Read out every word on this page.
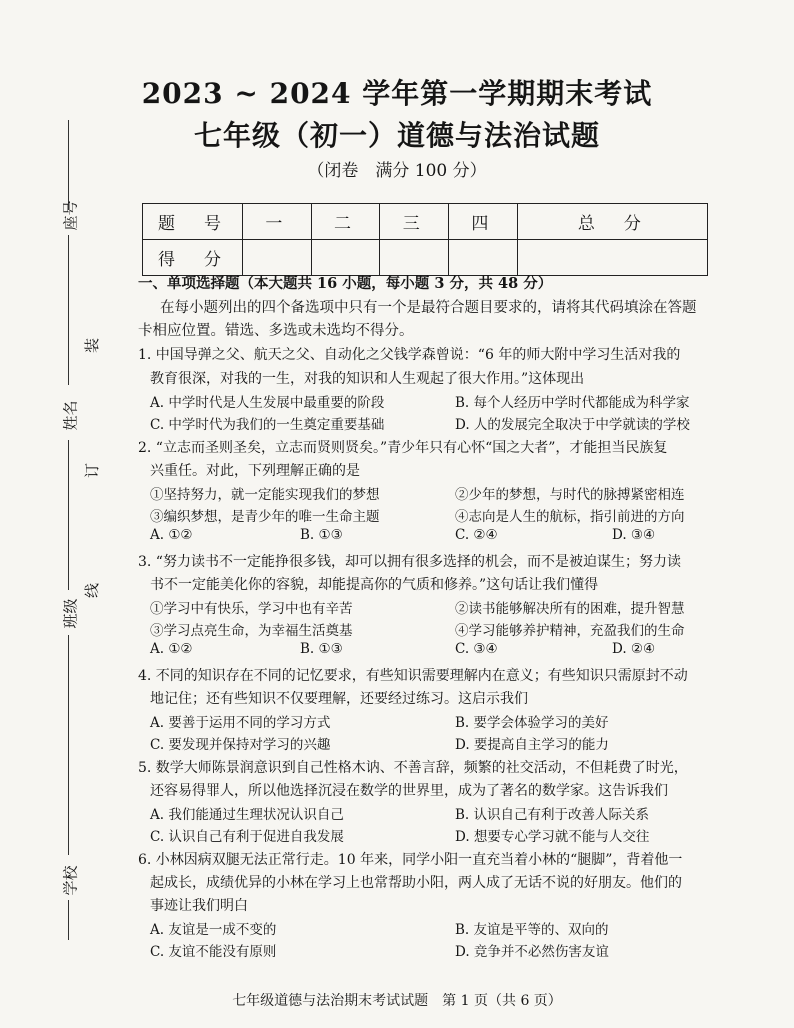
2023 ~ 2024 学年第一学期期末考试
七年级（初一）道德与法治试题
（闭卷　满分 100 分）
题　号	一	二	三	四	总　分
得　分					
座号
姓名
班级
学校
装
订
线
一、单项选择题（本大题共 16 小题，每小题 3 分，共 48 分）
在每小题列出的四个备选项中只有一个是最符合题目要求的，请将其代码填涂在答题
卡相应位置。错选、多选或未选均不得分。
1. 中国导弹之父、航天之父、自动化之父钱学森曾说：“6 年的师大附中学习生活对我的
教育很深，对我的一生，对我的知识和人生观起了很大作用。”这体现出
A. 中学时代是人生发展中最重要的阶段	B. 每个人经历中学时代都能成为科学家
C. 中学时代为我们的一生奠定重要基础	D. 人的发展完全取决于中学就读的学校
2. “立志而圣则圣矣，立志而贤则贤矣。”青少年只有心怀“国之大者”，才能担当民族复
兴重任。对此，下列理解正确的是
①坚持努力，就一定能实现我们的梦想	②少年的梦想，与时代的脉搏紧密相连
③编织梦想，是青少年的唯一生命主题	④志向是人生的航标，指引前进的方向
A. ①②	B. ①③	C. ②④	D. ③④
3. “努力读书不一定能挣很多钱，却可以拥有很多选择的机会，而不是被迫谋生；努力读
书不一定能美化你的容貌，却能提高你的气质和修养。”这句话让我们懂得
①学习中有快乐，学习中也有辛苦	②读书能够解决所有的困难，提升智慧
③学习点亮生命，为幸福生活奠基	④学习能够养护精神，充盈我们的生命
A. ①②	B. ①③	C. ③④	D. ②④
4. 不同的知识存在不同的记忆要求，有些知识需要理解内在意义；有些知识只需原封不动
地记住；还有些知识不仅要理解，还要经过练习。这启示我们
A. 要善于运用不同的学习方式	B. 要学会体验学习的美好
C. 要发现并保持对学习的兴趣	D. 要提高自主学习的能力
5. 数学大师陈景润意识到自己性格木讷、不善言辞，频繁的社交活动，不但耗费了时光，
还容易得罪人，所以他选择沉浸在数学的世界里，成为了著名的数学家。这告诉我们
A. 我们能通过生理状况认识自己	B. 认识自己有利于改善人际关系
C. 认识自己有利于促进自我发展	D. 想要专心学习就不能与人交往
6. 小林因病双腿无法正常行走。10 年来，同学小阳一直充当着小林的“腿脚”，背着他一
起成长，成绩优异的小林在学习上也常帮助小阳，两人成了无话不说的好朋友。他们的
事迹让我们明白
A. 友谊是一成不变的	B. 友谊是平等的、双向的
C. 友谊不能没有原则	D. 竞争并不必然伤害友谊
七年级道德与法治期末考试试题　第 1 页（共 6 页）
